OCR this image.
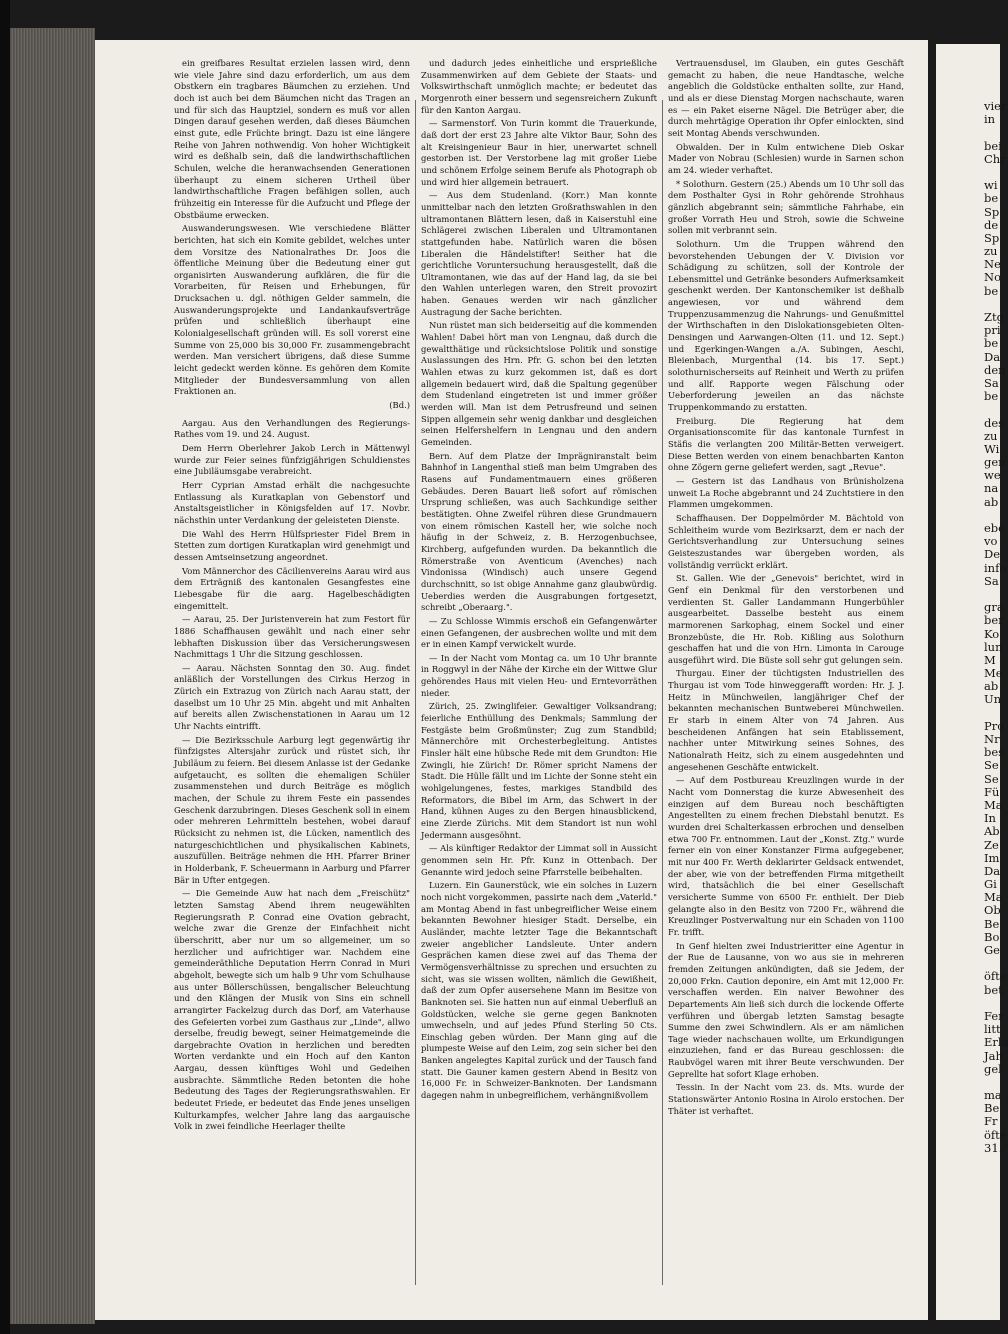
ein greifbares Resultat erzielen lassen wird, denn wie viele Jahre sind dazu erforderlich, um aus dem Obstkern ein tragbares Bäumchen zu erziehen. Und doch ist auch bei dem Bäumchen nicht das Tragen an und für sich das Hauptziel, sondern es muß vor allen Dingen darauf gesehen werden, daß dieses Bäumchen einst gute, edle Früchte bringt. Dazu ist eine längere Reihe von Jahren nothwendig. Von hoher Wichtigkeit wird es deßhalb sein, daß die landwirthschaftlichen Schulen, welche die heranwachsenden Generationen überhaupt zu einem sicheren Urtheil über landwirthschaftliche Fragen befähigen sollen, auch frühzeitig ein Interesse für die Aufzucht und Pflege der Obstbäume erwecken.

Auswanderungswesen. Wie verschiedene Blätter berichten, hat sich ein Komite gebildet, welches unter dem Vorsitze des Nationalrathes Dr. Joos die öffentliche Meinung über die Bedeutung einer gut organisirten Auswanderung aufklären, die für die Vorarbeiten, für Reisen und Erhebungen, für Drucksachen u. dgl. nöthigen Gelder sammeln, die Auswanderungsprojekte und Landankaufsverträge prüfen und schließlich überhaupt eine Kolonialgesellschaft gründen will. Es soll vorerst eine Summe von 25,000 bis 30,000 Fr. zusammengebracht werden. Man versichert übrigens, daß diese Summe leicht gedeckt werden könne. Es gehören dem Komite Mitglieder der Bundesversammlung von allen Fraktionen an.

(Bd.)

Aargau. Aus den Verhandlungen des Regierungs-Rathes vom 19. und 24. August.

Dem Herrn Oberlehrer Jakob Lerch in Mättenwyl wurde zur Feier seines fünfzigjährigen Schuldienstes eine Jubiläumsgabe verabreicht.

Herr Cyprian Amstad erhält die nachgesuchte Entlassung als Kuratkaplan von Gebenstorf und Anstaltsgeistlicher in Königsfelden auf 17. Novbr. nächsthin unter Verdankung der geleisteten Dienste.

Die Wahl des Herrn Hülfspriester Fidel Brem in Stetten zum dortigen Kuratkaplan wird genehmigt und dessen Amtseinsetzung angeordnet.

Vom Männerchor des Cäcilienvereins Aarau wird aus dem Erträgniß des kantonalen Gesangfestes eine Liebesgabe für die aarg. Hagelbeschädigten eingemittelt.

— Aarau, 25. Der Juristenverein hat zum Festort für 1886 Schaffhausen gewählt und nach einer sehr lebhaften Diskussion über das Versicherungswesen Nachmittags 1 Uhr die Sitzung geschlossen.

— Aarau. Nächsten Sonntag den 30. Aug. findet anläßlich der Vorstellungen des Cirkus Herzog in Zürich ein Extrazug von Zürich nach Aarau statt, der daselbst um 10 Uhr 25 Min. abgeht und mit Anhalten auf bereits allen Zwischenstationen in Aarau um 12 Uhr Nachts eintrifft.

— Die Bezirksschule Aarburg legt gegenwärtig ihr fünfzigstes Altersjahr zurück und rüstet sich, ihr Jubiläum zu feiern. Bei diesem Anlasse ist der Gedanke aufgetaucht, es sollten die ehemaligen Schüler zusammenstehen und durch Beiträge es möglich machen, der Schule zu ihrem Feste ein passendes Geschenk darzubringen. Dieses Geschenk soll in einem oder mehreren Lehrmitteln bestehen, wobei darauf Rücksicht zu nehmen ist, die Lücken, namentlich des naturgeschichtlichen und physikalischen Kabinets, auszufüllen. Beiträge nehmen die HH. Pfarrer Briner in Holderbank, F. Scheuermann in Aarburg und Pfarrer Bär in Ufter entgegen.

— Die Gemeinde Auw hat nach dem „Freischütz" letzten Samstag Abend ihrem neugewählten Regierungsrath P. Conrad eine Ovation gebracht, welche zwar die Grenze der Einfachheit nicht überschritt, aber nur um so allgemeiner, um so herzlicher und aufrichtiger war. Nachdem eine gemeinderäthliche Deputation Herrn Conrad in Muri abgeholt, bewegte sich um halb 9 Uhr vom Schulhause aus unter Böllerschüssen, bengalischer Beleuchtung und den Klängen der Musik von Sins ein schnell arrangirter Fackelzug durch das Dorf, am Vaterhause des Gefeierten vorbei zum Gasthaus zur „Linde", allwo derselbe, freudig bewegt, seiner Heimatgemeinde die dargebrachte Ovation in herzlichen und beredten Worten verdankte und ein Hoch auf den Kanton Aargau, dessen künftiges Wohl und Gedeihen ausbrachte. Sämmtliche Reden betonten die hohe Bedeutung des Tages der Regierungsrathswahlen. Er bedeutet Friede, er bedeutet das Ende jenes unseligen Kulturkampfes, welcher Jahre lang das aargauische Volk in zwei feindliche Heerlager theilte

und dadurch jedes einheitliche und ersprießliche Zusammenwirken auf dem Gebiete der Staats- und Volkswirthschaft unmöglich machte; er bedeutet das Morgenroth einer bessern und segensreichern Zukunft für den Kanton Aargau.

— Sarmenstorf. Von Turin kommt die Trauerkunde, daß dort der erst 23 Jahre alte Viktor Baur, Sohn des alt Kreisingenieur Baur in hier, unerwartet schnell gestorben ist. Der Verstorbene lag mit großer Liebe und schönem Erfolge seinem Berufe als Photograph ob und wird hier allgemein betrauert.

— Aus dem Studenland. (Korr.) Man konnte unmittelbar nach den letzten Großrathswahlen in den ultramontanen Blättern lesen, daß in Kaiserstuhl eine Schlägerei zwischen Liberalen und Ultramontanen stattgefunden habe. Natürlich waren die bösen Liberalen die Händelstifter! Seither hat die gerichtliche Voruntersuchung herausgestellt, daß die Ultramontanen, wie das auf der Hand lag, da sie bei den Wahlen unterlegen waren, den Streit provozirt haben. Genaues werden wir nach gänzlicher Austragung der Sache berichten.

Nun rüstet man sich beiderseitig auf die kommenden Wahlen! Dabei hört man von Lengnau, daß durch die gewaltthätige und rücksichtslose Politik und sonstige Auslassungen des Hrn. Pfr. G. schon bei den letzten Wahlen etwas zu kurz gekommen ist, daß es dort allgemein bedauert wird, daß die Spaltung gegenüber dem Studenland eingetreten ist und immer größer werden will. Man ist dem Petrusfreund und seinen Sippen allgemein sehr wenig dankbar und desgleichen seinen Helfershelfern in Lengnau und den andern Gemeinden.

Bern. Auf dem Platze der Imprägniranstalt beim Bahnhof in Langenthal stieß man beim Umgraben des Rasens auf Fundamentmauern eines größeren Gebäudes. Deren Bauart ließ sofort auf römischen Ursprung schließen, was auch Sachkundige seither bestätigten. Ohne Zweifel rühren diese Grundmauern von einem römischen Kastell her, wie solche noch häufig in der Schweiz, z. B. Herzogenbuchsee, Kirchberg, aufgefunden wurden. Da bekanntlich die Römerstraße von Aventicum (Avenches) nach Vindonissa (Windisch) auch unsere Gegend durchschnitt, so ist obige Annahme ganz glaubwürdig. Ueberdies werden die Ausgrabungen fortgesetzt, schreibt „Oberaarg.".

— Zu Schlosse Wimmis erschoß ein Gefangenwärter einen Gefangenen, der ausbrechen wollte und mit dem er in einen Kampf verwickelt wurde.

— In der Nacht vom Montag ca. um 10 Uhr brannte in Roggwyl in der Nähe der Kirche ein der Wittwe Glur gehörendes Haus mit vielen Heu- und Erntevorräthen nieder.

Zürich, 25. Zwinglifeier. Gewaltiger Volksandrang; feierliche Enthüllung des Denkmals; Sammlung der Festgäste beim Großmünster; Zug zum Standbild; Männerchöre mit Orchesterbegleitung. Antistes Finsler hält eine hübsche Rede mit dem Grundton: Hie Zwingli, hie Zürich! Dr. Römer spricht Namens der Stadt. Die Hülle fällt und im Lichte der Sonne steht ein wohlgelungenes, festes, markiges Standbild des Reformators, die Bibel im Arm, das Schwert in der Hand, kühnen Auges zu den Bergen hinausblickend, eine Zierde Zürichs. Mit dem Standort ist nun wohl Jedermann ausgesöhnt.

— Als künftiger Redaktor der Limmat soll in Aussicht genommen sein Hr. Pfr. Kunz in Ottenbach. Der Genannte wird jedoch seine Pfarrstelle beibehalten.

Luzern. Ein Gaunerstück, wie ein solches in Luzern noch nicht vorgekommen, passirte nach dem „Vaterld." am Montag Abend in fast unbegreiflicher Weise einem bekannten Bewohner hiesiger Stadt. Derselbe, ein Ausländer, machte letzter Tage die Bekanntschaft zweier angeblicher Landsleute. Unter andern Gesprächen kamen diese zwei auf das Thema der Vermögensverhältnisse zu sprechen und ersuchten zu sicht, was sie wissen wollten, nämlich die Gewißheit, daß der zum Opfer ausersehene Mann im Besitze von Banknoten sei. Sie hatten nun auf einmal Ueberfluß an Goldstücken, welche sie gerne gegen Banknoten umwechseln, und auf jedes Pfund Sterling 50 Cts. Einschlag geben würden. Der Mann ging auf die plumpeste Weise auf den Leim, zog sein sicher bei den Banken angelegtes Kapital zurück und der Tausch fand statt. Die Gauner kamen gestern Abend in Besitz von 16,000 Fr. in Schweizer-Banknoten. Der Landsmann dagegen nahm in unbegreiflichem, verhängnißvollem

Vertrauensdusel, im Glauben, ein gutes Geschäft gemacht zu haben, die neue Handtasche, welche angeblich die Goldstücke enthalten sollte, zur Hand, und als er diese Dienstag Morgen nachschaute, waren es — ein Paket eiserne Nägel. Die Betrüger aber, die durch mehrtägige Operation ihr Opfer einlockten, sind seit Montag Abends verschwunden.

Obwalden. Der in Kulm entwichene Dieb Oskar Mader von Nobrau (Schlesien) wurde in Sarnen schon am 24. wieder verhaftet.

* Solothurn. Gestern (25.) Abends um 10 Uhr soll das dem Posthalter Gysi in Rohr gehörende Strohhaus gänzlich abgebrannt sein; sämmtliche Fahrhabe, ein großer Vorrath Heu und Stroh, sowie die Schweine sollen mit verbrannt sein.

Solothurn. Um die Truppen während den bevorstehenden Uebungen der V. Division vor Schädigung zu schützen, soll der Kontrole der Lebensmittel und Getränke besonders Aufmerksamkeit geschenkt werden. Der Kantonschemiker ist deßhalb angewiesen, vor und während dem Truppenzusammenzug die Nahrungs- und Genußmittel der Wirthschaften in den Dislokationsgebieten Olten-Densingen und Aarwangen-Olten (11. und 12. Sept.) und Egerkingen-Wangen a./A. Subingen, Aeschi, Bleienbach, Murgenthal (14. bis 17. Sept.) solothurnischerseits auf Reinheit und Werth zu prüfen und allf. Rapporte wegen Fälschung oder Ueberforderung jeweilen an das nächste Truppenkommando zu erstatten.

Freiburg. Die Regierung hat dem Organisationscomite für das kantonale Turnfest in Stäfis die verlangten 200 Militär-Betten verweigert. Diese Betten werden von einem benachbarten Kanton ohne Zögern gerne geliefert werden, sagt „Revue".

— Gestern ist das Landhaus von Brünisholzena unweit La Roche abgebrannt und 24 Zuchtstiere in den Flammen umgekommen.

Schaffhausen. Der Doppelmörder M. Bächtold von Schleitheim wurde vom Bezirksarzt, dem er nach der Gerichtsverhandlung zur Untersuchung seines Geisteszustandes war übergeben worden, als vollständig verrückt erklärt.

St. Gallen. Wie der „Genevois" berichtet, wird in Genf ein Denkmal für den verstorbenen und verdienten St. Galler Landammann Hungerbühler ausgearbeitet. Dasselbe besteht aus einem marmorenen Sarkophag, einem Sockel und einer Bronzebüste, die Hr. Rob. Kißling aus Solothurn geschaffen hat und die von Hrn. Limonta in Carouge ausgeführt wird. Die Büste soll sehr gut gelungen sein.

Thurgau. Einer der tüchtigsten Industriellen des Thurgau ist vom Tode hinweggerafft worden: Hr. J. J. Heitz in Münchweilen, langjähriger Chef der bekannten mechanischen Buntweberei Münchweilen. Er starb in einem Alter von 74 Jahren. Aus bescheidenen Anfängen hat sein Etablissement, nachher unter Mitwirkung seines Sohnes, des Nationalrath Heitz, sich zu einem ausgedehnten und angesehenen Geschäfte entwickelt.

— Auf dem Postbureau Kreuzlingen wurde in der Nacht vom Donnerstag die kurze Abwesenheit des einzigen auf dem Bureau noch beschäftigten Angestellten zu einem frechen Diebstahl benutzt. Es wurden drei Schalterkassen erbrochen und denselben etwa 700 Fr. entnommen. Laut der „Konst. Ztg." wurde ferner ein von einer Konstanzer Firma aufgegebener, mit nur 400 Fr. Werth deklarirter Geldsack entwendet, der aber, wie von der betreffenden Firma mitgetheilt wird, thatsächlich die bei einer Gesellschaft versicherte Summe von 6500 Fr. enthielt. Der Dieb gelangte also in den Besitz von 7200 Fr., während die Kreuzlinger Postverwaltung nur ein Schaden von 1100 Fr. trifft.

In Genf hielten zwei Industrieritter eine Agentur in der Rue de Lausanne, von wo aus sie in mehreren fremden Zeitungen ankündigten, daß sie Jedem, der 20,000 Frkn. Caution deponire, ein Amt mit 12,000 Fr. verschaffen werden. Ein naiver Bewohner des Departements Ain ließ sich durch die lockende Offerte verführen und übergab letzten Samstag besagte Summe den zwei Schwindlern. Als er am nämlichen Tage wieder nachschauen wollte, um Erkundigungen einzuziehen, fand er das Bureau geschlossen: die Raubvögel waren mit ihrer Beute verschwunden. Der Geprellte hat sofort Klage erhoben.

Tessin. In der Nacht vom 23. ds. Mts. wurde der Stationswärter Antonio Rosina in Airolo erstochen. Der Thäter ist verhaftet.

vier
in
bei
Chr
wi
be
Sp
de
Sp
zu
Ne
No
be
Ztg
pri
be
Da
den
Sa
be
des
zu
Wi
gen
we
na
ab
ebe
vo
De
info
Sa
gra
ber
Ko
lun
M
Me
ab
Un
Pro
Nr
bes
Se
Se
Fü
Ma
In
Ab
Ze
Im
Da
Gi
Ma
Ob
Be
Bo
Ge
öfte
bet
Fer
litt
Erla
Jah
gel
ma
Be
Fr
öfte
31.
